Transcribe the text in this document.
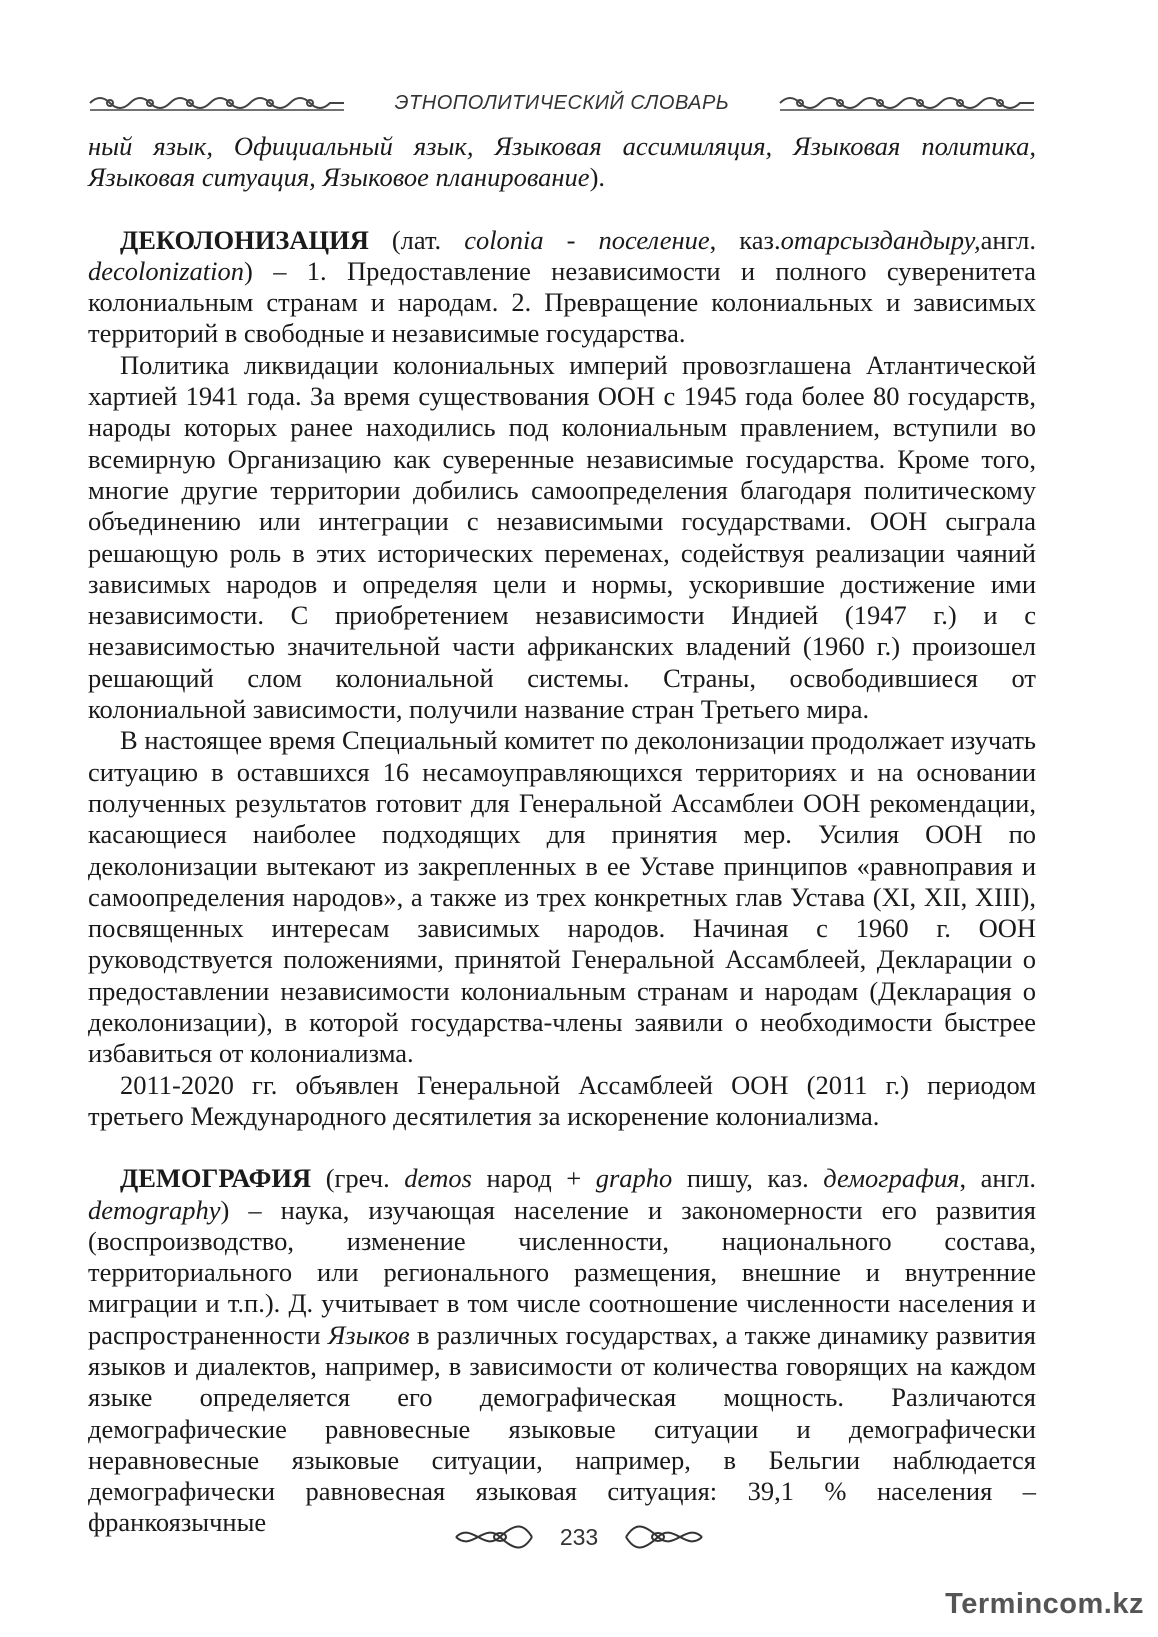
ЭТНОПОЛИТИЧЕСКИЙ СЛОВАРЬ

ный язык, Официальный язык, Языковая ассимиляция, Языковая политика, Языковая ситуация, Языковое планирование).

ДЕКОЛОНИЗАЦИЯ (лат. colonia - поселение, каз.отарсыздандыру,англ. decolonization) – 1. Предоставление независимости и полного суверенитета колониальным странам и народам. 2. Превращение колониальных и зависимых территорий в свободные и независимые государства.

Политика ликвидации колониальных империй провозглашена Атлантической хартией 1941 года. За время существования ООН с 1945 года более 80 государств, народы которых ранее находились под колониальным правлением, вступили во всемирную Организацию как суверенные независимые государства. Кроме того, многие другие территории добились самоопределения благодаря политическому объединению или интеграции с независимыми государствами. ООН сыграла решающую роль в этих исторических переменах, содействуя реализации чаяний зависимых народов и определяя цели и нормы, ускорившие достижение ими независимости. С приобретением независимости Индией (1947 г.) и с независимостью значительной части африканских владений (1960 г.) произошел решающий слом колониальной системы. Страны, освободившиеся от колониальной зависимости, получили название стран Третьего мира.

В настоящее время Специальный комитет по деколонизации продолжает изучать ситуацию в оставшихся 16 несамоуправляющихся территориях и на основании полученных результатов готовит для Генеральной Ассамблеи ООН рекомендации, касающиеся наиболее подходящих для принятия мер. Усилия ООН по деколонизации вытекают из закрепленных в ее Уставе принципов «равноправия и самоопределения народов», а также из трех конкретных глав Устава (XI, XII, XIII), посвященных интересам зависимых народов. Начиная с 1960 г. ООН руководствуется положениями, принятой Генеральной Ассамблеей, Декларации о предоставлении независимости колониальным странам и народам (Декларация о деколонизации), в которой государства-члены заявили о необходимости быстрее избавиться от колониализма.

2011-2020 гг. объявлен Генеральной Ассамблеей ООН (2011 г.) периодом третьего Международного десятилетия за искоренение колониализма.

ДЕМОГРАФИЯ (греч. demos народ + grapho пишу, каз. демография, англ. demography) – наука, изучающая население и закономерности его развития (воспроизводство, изменение численности, национального состава, территориального или регионального размещения, внешние и внутренние миграции и т.п.). Д. учитывает в том числе соотношение численности населения и распространенности Языков в различных государствах, а также динамику развития языков и диалектов, например, в зависимости от количества говорящих на каждом языке определяется его демографическая мощность. Различаются демографические равновесные языковые ситуации и демографически неравновесные языковые ситуации, например, в Бельгии наблюдается демографически равновесная языковая ситуация: 39,1 % населения – франкоязычные	233
Termincom.kz
